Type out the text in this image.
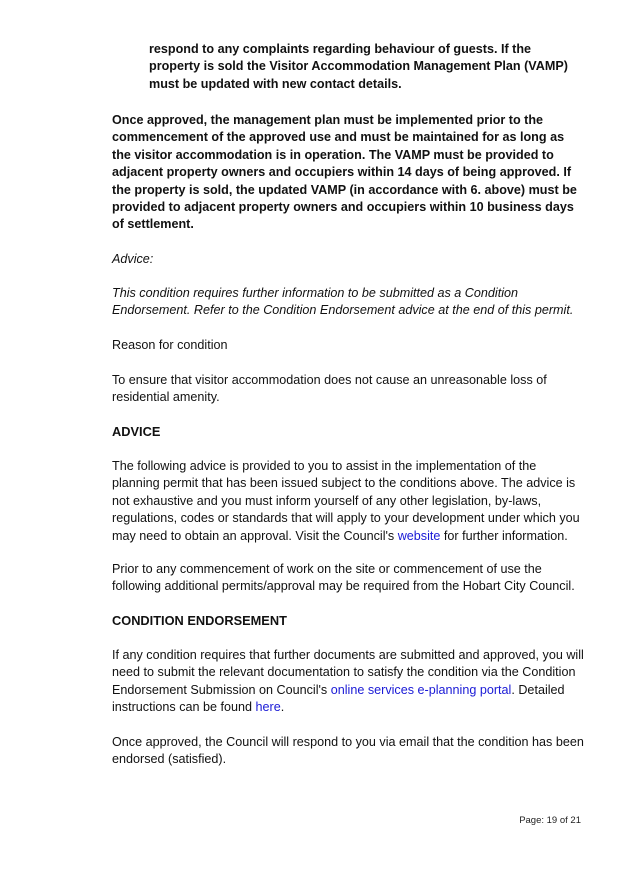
respond to any complaints regarding behaviour of guests. If the property is sold the Visitor Accommodation Management Plan (VAMP) must be updated with new contact details.

Once approved, the management plan must be implemented prior to the commencement of the approved use and must be maintained for as long as the visitor accommodation is in operation. The VAMP must be provided to adjacent property owners and occupiers within 14 days of being approved. If the property is sold, the updated VAMP (in accordance with 6. above) must be provided to adjacent property owners and occupiers within 10 business days of settlement.

Advice:

This condition requires further information to be submitted as a Condition Endorsement. Refer to the Condition Endorsement advice at the end of this permit.

Reason for condition

To ensure that visitor accommodation does not cause an unreasonable loss of residential amenity.

ADVICE

The following advice is provided to you to assist in the implementation of the planning permit that has been issued subject to the conditions above. The advice is not exhaustive and you must inform yourself of any other legislation, by-laws, regulations, codes or standards that will apply to your development under which you may need to obtain an approval. Visit the Council's website for further information.

Prior to any commencement of work on the site or commencement of use the following additional permits/approval may be required from the Hobart City Council.

CONDITION ENDORSEMENT

If any condition requires that further documents are submitted and approved, you will need to submit the relevant documentation to satisfy the condition via the Condition Endorsement Submission on Council's online services e-planning portal. Detailed instructions can be found here.

Once approved, the Council will respond to you via email that the condition has been endorsed (satisfied).

Page: 19 of 21
